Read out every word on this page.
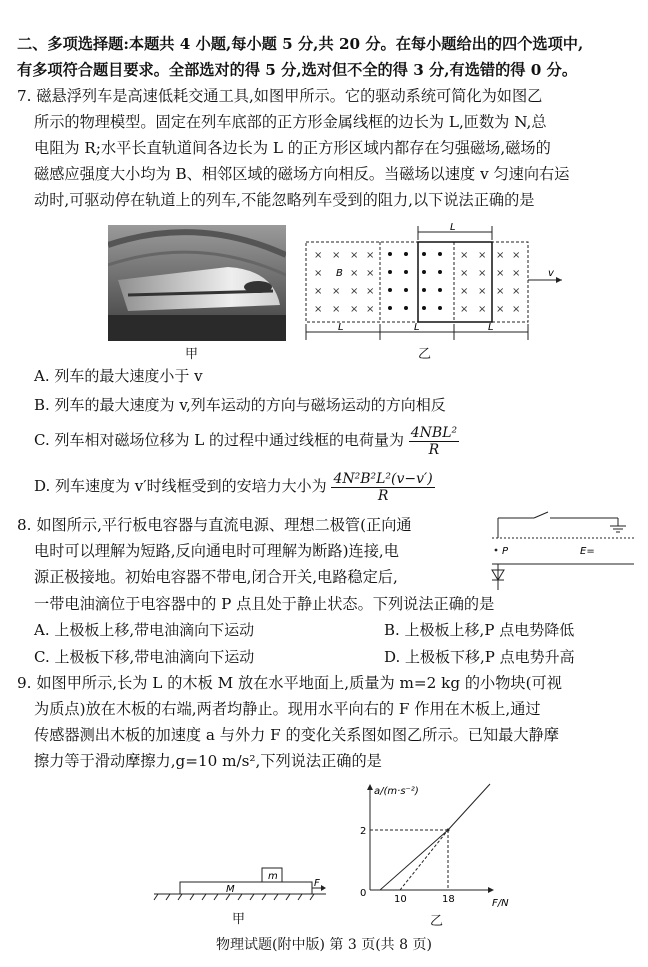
二、多项选择题:本题共 4 小题,每小题 5 分,共 20 分。在每小题给出的四个选项中,
有多项符合题目要求。全部选对的得 5 分,选对但不全的得 3 分,有选错的得 0 分。
7. 磁悬浮列车是高速低耗交通工具,如图甲所示。它的驱动系统可简化为如图乙
所示的物理模型。固定在列车底部的正方形金属线框的边长为 L,匝数为 N,总
电阻为 R;水平长直轨道间各边长为 L 的正方形区域内都存在匀强磁场,磁场的
磁感应强度大小均为 B、相邻区域的磁场方向相反。当磁场以速度 v 匀速向右运
动时,可驱动停在轨道上的列车,不能忽略列车受到的阻力,以下说法正确的是
甲
× × × ×
×	× ×
× × × ×
× × × ×
× × × ×
× × × ×
× × × ×
× × × ×
B
L
v
L	L	L
乙
A. 列车的最大速度小于 v
B. 列车的最大速度为 v,列车运动的方向与磁场运动的方向相反
C. 列车相对磁场位移为 L 的过程中通过线框的电荷量为 $\frac{\text{4NBL²}}{R}$
D. 列车速度为 v′时线框受到的安培力大小为 $\frac{\text{4N²B²L²(v−v′)}}{R}$
8. 如图所示,平行板电容器与直流电源、理想二极管(正向通
电时可以理解为短路,反向通电时可理解为断路)连接,电
源正极接地。初始电容器不带电,闭合开关,电路稳定后,
一带电油滴位于电容器中的 P 点且处于静止状态。下列说法正确的是
P	E=
A. 上极板上移,带电油滴向下运动	B. 上极板上移,P 点电势降低
C. 上极板下移,带电油滴向下运动	D. 上极板下移,P 点电势升高
9. 如图甲所示,长为 L 的木板 M 放在水平地面上,质量为 m=2 kg 的小物块(可视
为质点)放在木板的右端,两者均静止。现用水平向右的 F 作用在木板上,通过
传感器测出木板的加速度 a 与外力 F 的变化关系图如图乙所示。已知最大静摩
擦力等于滑动摩擦力,g=10 m/s²,下列说法正确的是
m
M
F
甲
a/(m·s⁻²)
F/N
0
2
10	18
乙
物理试题(附中版) 第 3 页(共 8 页)
